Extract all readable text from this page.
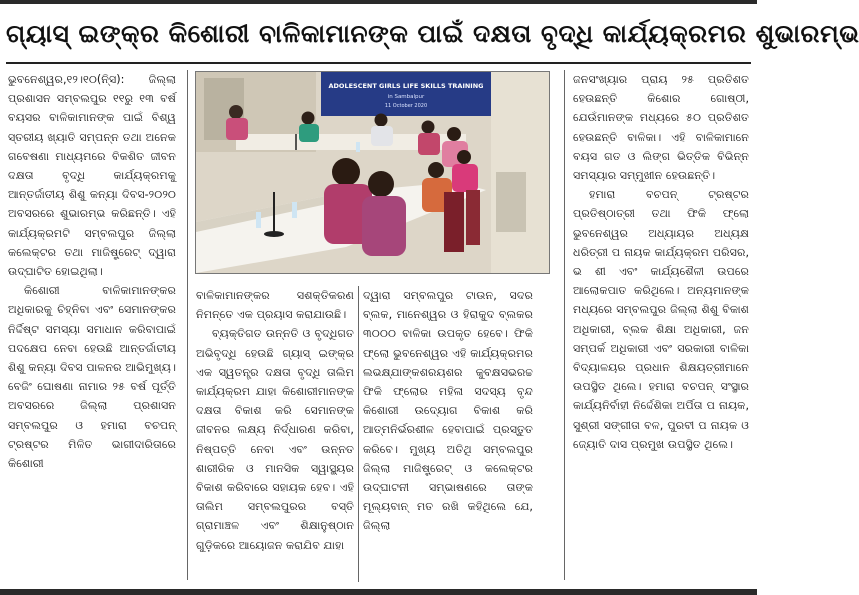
ଗ୍ୟାସ୍ ଇଙ୍କ୍‌ର କିଶୋରୀ ବାଳିକାମାନଙ୍କ ପାଇଁ ଦକ୍ଷତା ବୃଦ୍ଧି କାର୍ଯ୍ୟକ୍ରମର ଶୁଭାରମ୍ଭ

ଭୁବନେଶ୍ୱର,୧୨।୧୦(ନି୍‌ସ): ଜିଲ୍ଲା ପ୍ରଶାସନ ସମ୍ବଲପୁର ୧୧ରୁ ୧୩ ବର୍ଷ ବୟସର ବାଳିକାମାନଙ୍କ ପାଇଁ ବିଶ୍ୱ ସ୍ତରୀୟ ଖ୍ୟାତି ସମ୍ପନ୍ନ ତଥା ଅନେକ ଗବେଷଣା ମାଧ୍ୟମରେ ବିକଶିତ ଜୀବନ ଦକ୍ଷତା ବୃଦ୍ଧି କାର୍ଯ୍ୟକ୍ରମକୁ ଆନ୍ତର୍ଜାତୀୟ ଶିଶୁ କନ୍ୟା ଦିବସ-୨୦୨୦ ଅବସରରେ ଶୁଭାରମ୍ଭ କରିଛନ୍ତି। ଏହି କାର୍ଯ୍ୟକ୍ରମଟି ସମ୍ବଲପୁର ଜିଲ୍ଲା କଲେକ୍ଟର ତଥା ମାଜିଷ୍ଟ୍ରେଟ୍ ଦ୍ୱାରା ଉଦ୍‌ଘାଟିତ ହୋଇଥିଲା।

କିଶୋରୀ ବାଳିକାମାନଙ୍କର ଅଧିକାରକୁ ଚିହ୍ନିବା ଏବଂ ସେମାନଙ୍କର ନିର୍ଦ୍ଦିଷ୍ଟ ସମସ୍ୟା ସମାଧାନ କରିବାପାଇଁ ପଦକ୍ଷେପ ନେବା ହେଉଛି ଆନ୍ତର୍ଜାତୀୟ ଶିଶୁ କନ୍ୟା ଦିବସ ପାଳନର ଆଭିମୁଖ୍ୟ। ବେଜିଂ ଘୋଷଣା ନାମାର ୨୫ ବର୍ଷ ପୂର୍ତ୍ତି ଅବସରରେ ଜିଲ୍ଲା ପ୍ରଶାସନ ସମ୍ବଲପୁର ଓ ହମାରା ବଚପନ୍ ଟ୍ରଷ୍ଟର ମିଳିତ ଭାଗୀଦାରିତାରେ କିଶୋରୀ

ADOLESCENT GIRLS LIFE SKILLS TRAINING
in Sambalpur
11 October 2020

ବାଳିକାମାନଙ୍କର ସଶକ୍ତିକରଣ ନିମନ୍ତେ ଏକ ପ୍ରୟାସ କରାଯାଉଛି।

ବ୍ୟକ୍ତିଗତ ଉନ୍ନତି ଓ ବୃଦ୍ଧିଗତ ଅଭିବୃଦ୍ଧି ହେଉଛି ଗ୍ୟାସ୍ ଇଙ୍କ୍‌ର ଏକ ସ୍ୱତନ୍ତ୍ର ଦକ୍ଷତା ବୃଦ୍ଧି ତାଲିମ କାର୍ଯ୍ୟକ୍ରମ ଯାହା କିଶୋରୀମାନଙ୍କ ଦକ୍ଷତା ବିକାଶ କରି ସେମାନଙ୍କ ଜୀବନର ଲକ୍ଷ୍ୟ ନିର୍ଦ୍ଧାରଣ କରିବା, ନିଷ୍ପତ୍ତି ନେବା ଏବଂ ଉନ୍ନତ ଶାରୀରିକ ଓ ମାନସିକ ସ୍ୱାସ୍ଥ୍ୟର ବିକାଶ କରିବାରେ ସହାୟକ ହେବ। ଏହି ତାଲିମ ସମ୍ବଲପୁରର ବସ୍ତି ଗ୍ରାମାଞ୍ଚଳ ଏବଂ ଶିକ୍ଷାନୁଷ୍ଠାନ ଗୁଡ଼ିକରେ ଆୟୋଜନ କରାଯିବ ଯାହା

ଦ୍ୱାରା ସମ୍ବଲପୁର ଟାଉନ, ସଦର ବ୍ଲକ, ମାନେଶ୍ୱର ଓ ହିରାକୁଦ ବ୍ଲକର ୩୦୦୦ ବାଳିକା ଉପକୃତ ହେବେ। ଫିକି ଫ୍ଲୋ ଭୁବନେଶ୍ୱର ଏହି କାର୍ଯ୍ୟକ୍ରମର ଲଭକ୍ଷ୍ଯାଙ୍କଶରୟଶର କୁବକ୍ଷସଭରଚ୍ଚ ଫିକି ଫ୍ଲୋର ମହିଳା ସଦସ୍ୟ ବୃନ୍ଦ କିଶୋରୀ ଉଦ୍ୟୋଗ ବିକାଶ କରି ଆତ୍ମନିର୍ଭରଶୀଳ ହେବାପାଇଁ ପ୍ରସ୍ତୁତ କରିବେ। ମୁଖ୍ୟ ଅତିଥି ସମ୍ବଲପୁର ଜିଲ୍ଲା ମାଜିଷ୍ଟ୍ରେଟ୍ ଓ କଲେକ୍ଟର ଉଦ୍‌ଘାଟନୀ ସମ୍ଭାଷଣରେ ତାଙ୍କ ମୂଲ୍ୟବାନ୍ ମତ ରଖି କହିଥିଲେ ଯେ, ଜିଲ୍ଲା

ଜନସଂଖ୍ୟାର ପ୍ରାୟ ୨୫ ପ୍ରତିଶତ ହେଉଛନ୍ତି କିଶୋର ଗୋଷ୍ଠୀ, ଯେଉଁମାନଙ୍କ ମଧ୍ୟରେ ୫୦ ପ୍ରତିଶତ ହେଉଛନ୍ତି ବାଳିକା। ଏହି ବାଳିକାମାନେ ବୟସ ଗତ ଓ ଲିଙ୍ଗ ଭିତ୍ତିକ ବିଭିନ୍ନ ସମସ୍ୟାର ସମ୍ମୁଖୀନ ହେଉଛନ୍ତି।

ହମାରା ବଚପନ୍ ଟ୍ରଷ୍ଟର ପ୍ରତିଷ୍ଠାତ୍ରୀ ତଥା ଫିକି ଫ୍ଲୋ ଭୁବନେଶ୍ୱର ଅଧ୍ୟାୟର ଅଧ୍ୟକ୍ଷ ଧରିତ୍ରୀ ପ ନାୟକ କାର୍ଯ୍ୟକ୍ରମ ପରିସର, ଭ ଶୀ ଏବଂ କାର୍ଯ୍ୟଶୈଳୀ ଉପରେ ଆଲୋକପାତ କରିଥିଲେ। ଅନ୍ୟମାନଙ୍କ ମଧ୍ୟରେ ସମ୍ବଲପୁର ଜିଲ୍ଲା ଶିଶୁ ବିକାଶ ଅଧିକାରୀ, ବ୍ଲକ ଶିକ୍ଷା ଅଧିକାରୀ, ଜନ ସମ୍ପର୍କ ଅଧିକାରୀ ଏବଂ ସରକାରୀ ବାଳିକା ବିଦ୍ୟାଳୟର ପ୍ରଧାନ ଶିକ୍ଷୟତ୍ରୀମାନେ ଉପସ୍ଥିତ ଥିଲେ। ହମାରା ବଚପନ୍ ସଂସ୍ଥାର କାର୍ଯ୍ୟନିର୍ବାହୀ ନିର୍ଦ୍ଦେଶିକା ଅର୍ପିତା ପ ନାୟକ, ସୁଶ୍ରୀ ସଙ୍ଗୀତା ବଳ, ପୁରବୀ ପ ନାୟକ ଓ ଜ୍ୟୋତି ଦାସ ପ୍ରମୁଖ ଉପସ୍ଥିତ ଥିଲେ।
